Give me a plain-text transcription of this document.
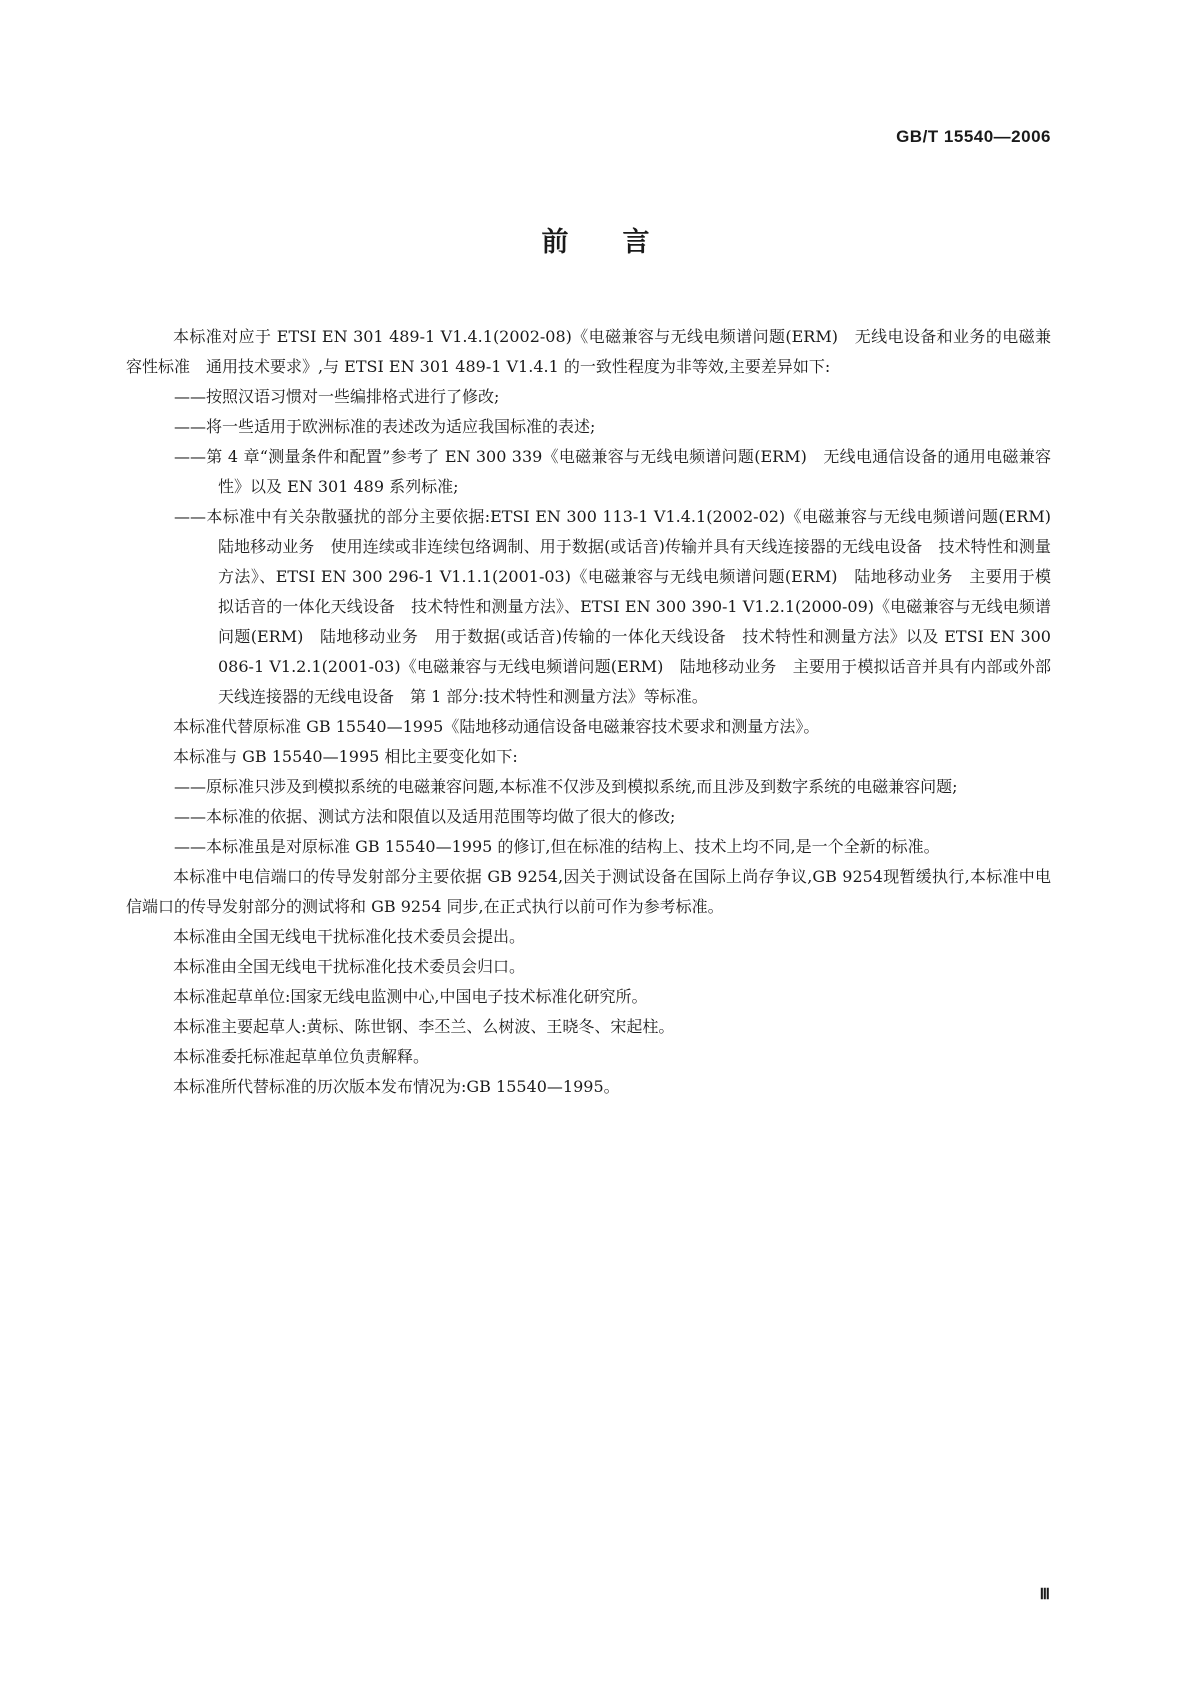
GB/T 15540—2006
前 言

本标准对应于 ETSI EN 301 489-1 V1.4.1(2002-08)《电磁兼容与无线电频谱问题(ERM)　无线电设备和业务的电磁兼容性标准　通用技术要求》,与 ETSI EN 301 489-1 V1.4.1 的一致性程度为非等效,主要差异如下:

——按照汉语习惯对一些编排格式进行了修改;

——将一些适用于欧洲标准的表述改为适应我国标准的表述;

——第 4 章“测量条件和配置”参考了 EN 300 339《电磁兼容与无线电频谱问题(ERM)　无线电通信设备的通用电磁兼容性》以及 EN 301 489 系列标准;

——本标准中有关杂散骚扰的部分主要依据:ETSI EN 300 113-1 V1.4.1(2002-02)《电磁兼容与无线电频谱问题(ERM)　陆地移动业务　使用连续或非连续包络调制、用于数据(或话音)传输并具有天线连接器的无线电设备　技术特性和测量方法》、ETSI EN 300 296-1 V1.1.1(2001-03)《电磁兼容与无线电频谱问题(ERM)　陆地移动业务　主要用于模拟话音的一体化天线设备　技术特性和测量方法》、ETSI EN 300 390-1 V1.2.1(2000-09)《电磁兼容与无线电频谱问题(ERM)　陆地移动业务　用于数据(或话音)传输的一体化天线设备　技术特性和测量方法》以及 ETSI EN 300 086-1 V1.2.1(2001-03)《电磁兼容与无线电频谱问题(ERM)　陆地移动业务　主要用于模拟话音并具有内部或外部天线连接器的无线电设备　第 1 部分:技术特性和测量方法》等标准。

本标准代替原标准 GB 15540—1995《陆地移动通信设备电磁兼容技术要求和测量方法》。

本标准与 GB 15540—1995 相比主要变化如下:

——原标准只涉及到模拟系统的电磁兼容问题,本标准不仅涉及到模拟系统,而且涉及到数字系统的电磁兼容问题;

——本标准的依据、测试方法和限值以及适用范围等均做了很大的修改;

——本标准虽是对原标准 GB 15540—1995 的修订,但在标准的结构上、技术上均不同,是一个全新的标准。

本标准中电信端口的传导发射部分主要依据 GB 9254,因关于测试设备在国际上尚存争议,GB 9254现暂缓执行,本标准中电信端口的传导发射部分的测试将和 GB 9254 同步,在正式执行以前可作为参考标准。

本标准由全国无线电干扰标准化技术委员会提出。

本标准由全国无线电干扰标准化技术委员会归口。

本标准起草单位:国家无线电监测中心,中国电子技术标准化研究所。

本标准主要起草人:黄标、陈世钢、李丕兰、么树波、王晓冬、宋起柱。

本标准委托标准起草单位负责解释。

本标准所代替标准的历次版本发布情况为:GB 15540—1995。

Ⅲ
